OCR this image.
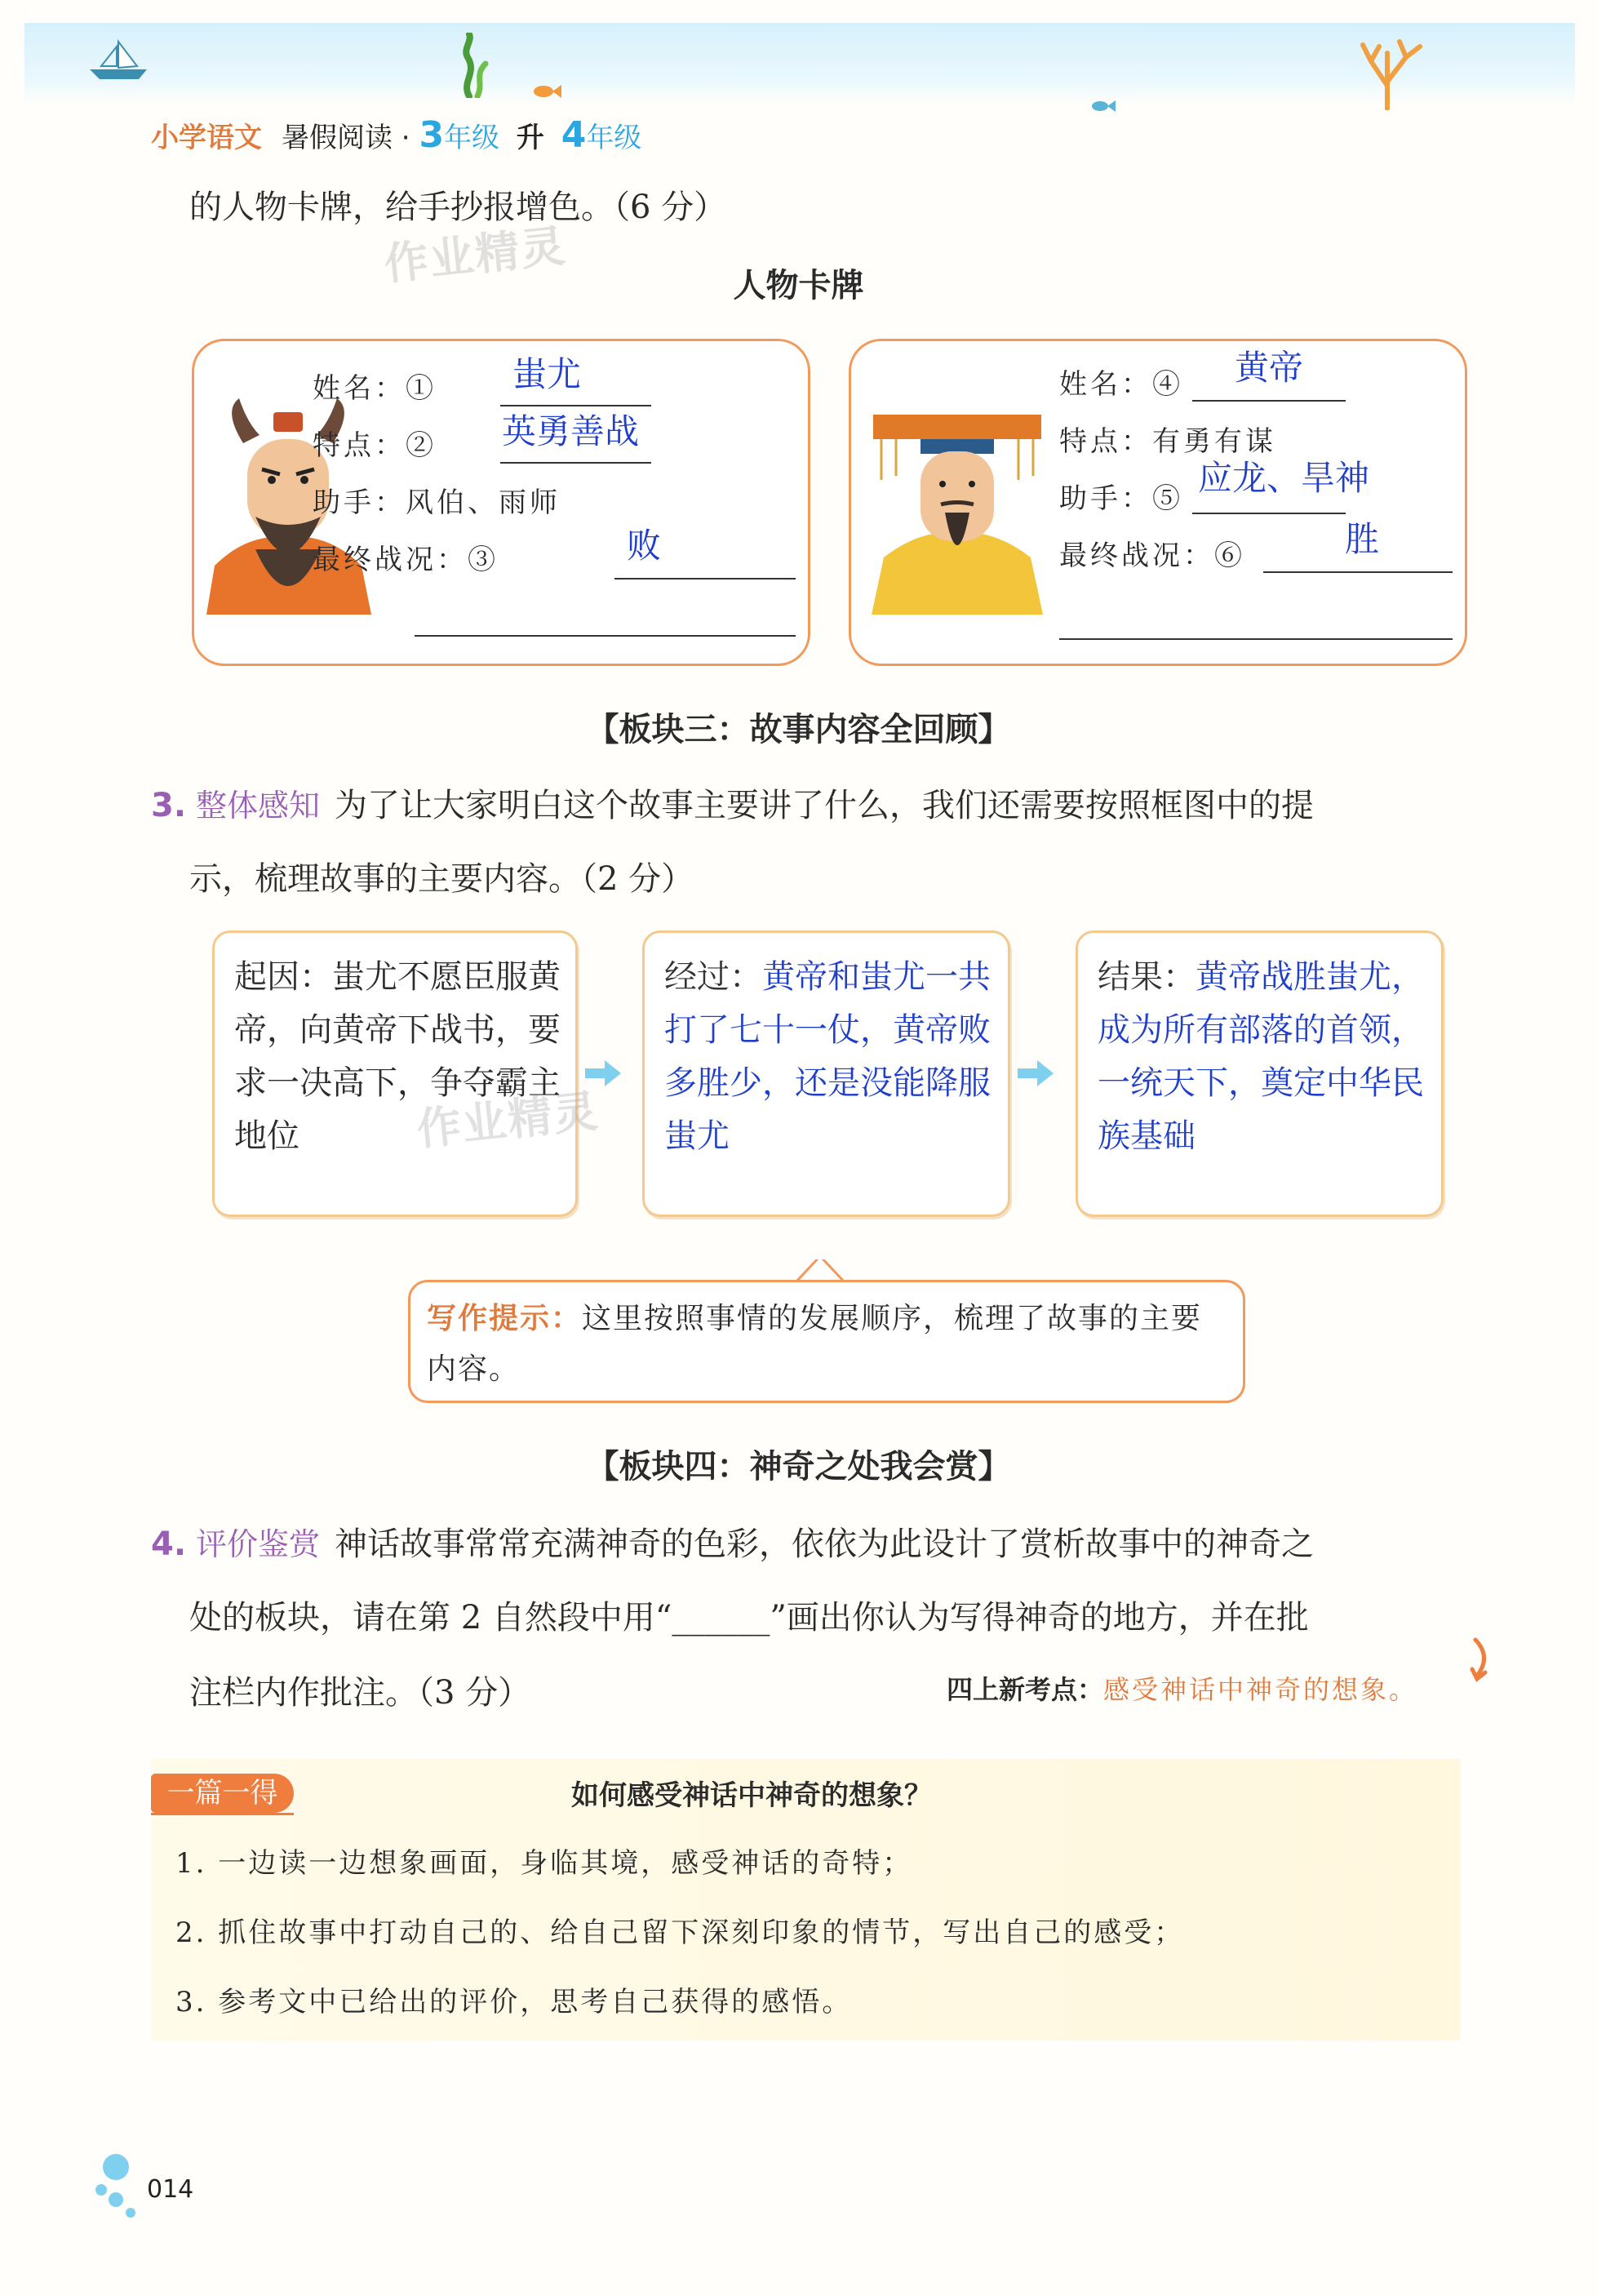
小学语文 暑假阅读 · 3年级 升 4年级
的人物卡牌，给手抄报增色。（6 分）
作业精灵	人物卡牌
姓名：① 蚩尤
特点：② 英勇善战
助手：风伯、雨师
最终战况：③	败
姓名：④ 黄帝
特点：有勇有谋
助手：⑤
应龙、旱神
最终战况：⑥	胜
【板块三：故事内容全回顾】
3. 整体感知 为了让大家明白这个故事主要讲了什么，我们还需要按照框图中的提
示，梳理故事的主要内容。（2 分）
起因：蚩尤不愿臣服黄帝，向黄帝下战书，要求一决高下，争夺霸主地位
经过：黄帝和蚩尤一共打了七十一仗，黄帝败多胜少，还是没能降服蚩尤
结果：黄帝战胜蚩尤，成为所有部落的首领，一统天下，奠定中华民族基础
作业精灵
写作提示：这里按照事情的发展顺序，梳理了故事的主要内容。
【板块四：神奇之处我会赏】
4. 评价鉴赏 神话故事常常充满神奇的色彩，依依为此设计了赏析故事中的神奇之
处的板块，请在第 2 自然段中用“______”画出你认为写得神奇的地方，并在批
注栏内作批注。（3 分）	四上新考点：感受神话中神奇的想象。
一篇一得	如何感受神话中神奇的想象？
1. 一边读一边想象画面，身临其境，感受神话的奇特；
2. 抓住故事中打动自己的、给自己留下深刻印象的情节，写出自己的感受；
3. 参考文中已给出的评价，思考自己获得的感悟。
014
